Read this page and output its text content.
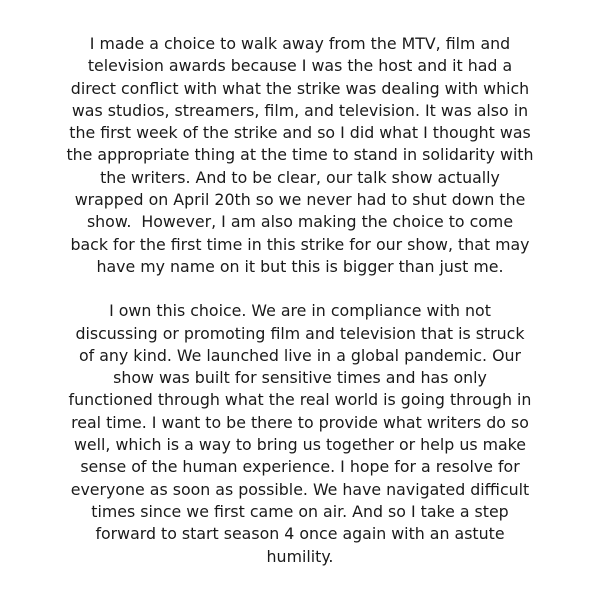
I made a choice to walk away from the MTV, film and
television awards because I was the host and it had a
direct conflict with what the strike was dealing with which
was studios, streamers, film, and television. It was also in
the first week of the strike and so I did what I thought was
the appropriate thing at the time to stand in solidarity with
the writers. And to be clear, our talk show actually
wrapped on April 20th so we never had to shut down the
show.  However, I am also making the choice to come
back for the first time in this strike for our show, that may
have my name on it but this is bigger than just me.

I own this choice. We are in compliance with not
discussing or promoting film and television that is struck
of any kind. We launched live in a global pandemic. Our
show was built for sensitive times and has only
functioned through what the real world is going through in
real time. I want to be there to provide what writers do so
well, which is a way to bring us together or help us make
sense of the human experience. I hope for a resolve for
everyone as soon as possible. We have navigated difficult
times since we first came on air. And so I take a step
forward to start season 4 once again with an astute
humility.
